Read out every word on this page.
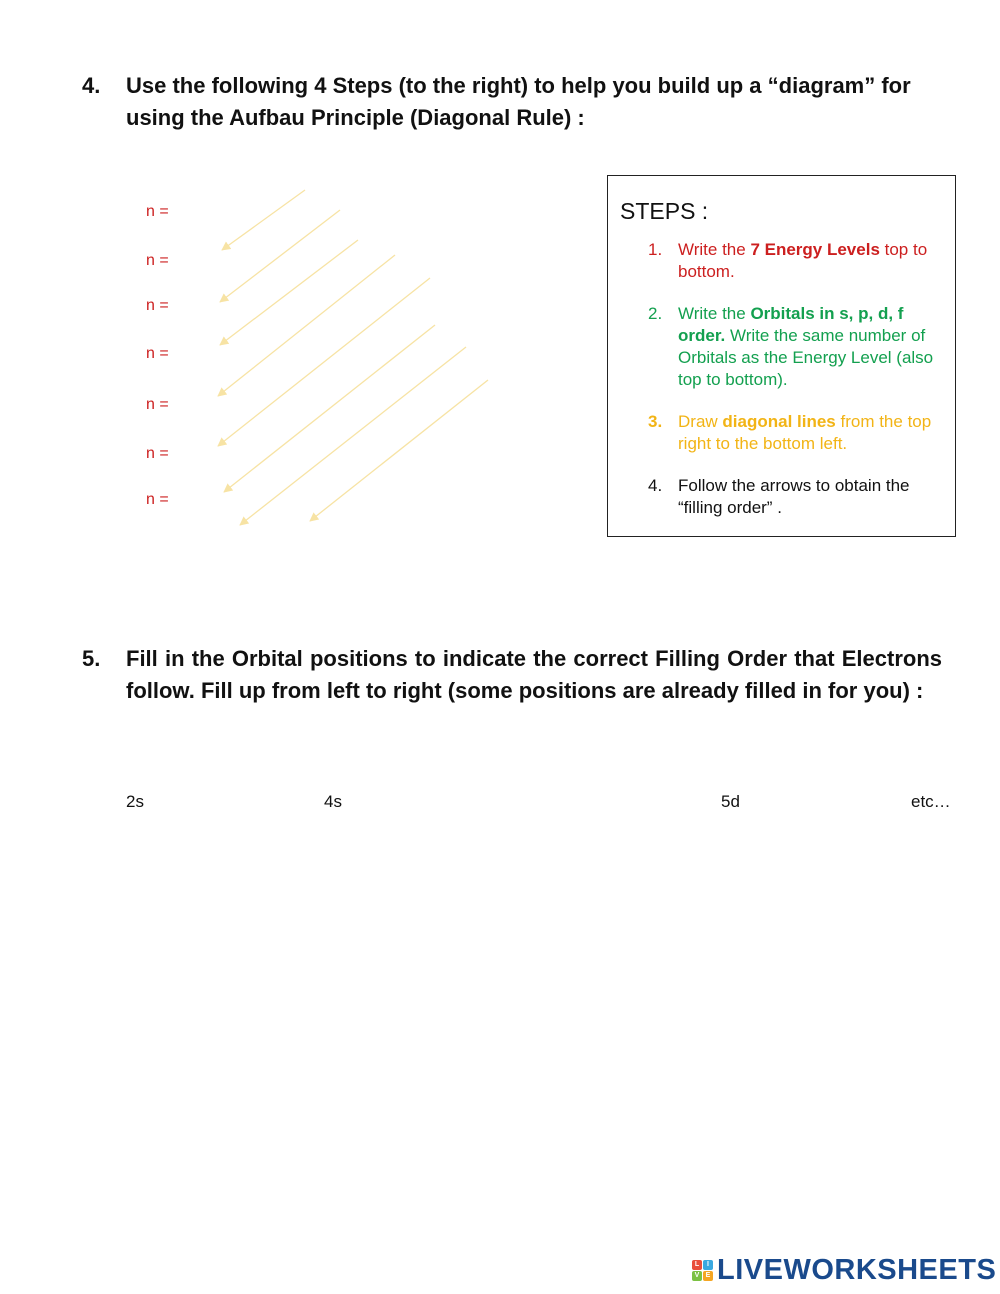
4. Use the following 4 Steps (to the right) to help you build up a “diagram” for using the Aufbau Principle (Diagonal Rule) :
n =
n =
n =
n =
n =
n =
n =
STEPS :
1. Write the 7 Energy Levels top to bottom.
2. Write the Orbitals in s, p, d, f order. Write the same number of Orbitals as the Energy Level (also top to bottom).
3. Draw diagonal lines from the top right to the bottom left.
4. Follow the arrows to obtain the “filling order” .
5. Fill in the Orbital positions to indicate the correct Filling Order that Electrons follow. Fill up from left to right (some positions are already filled in for you) :
2s	4s	5d	etc…
L	I
V E LIVEWORKSHEETS
